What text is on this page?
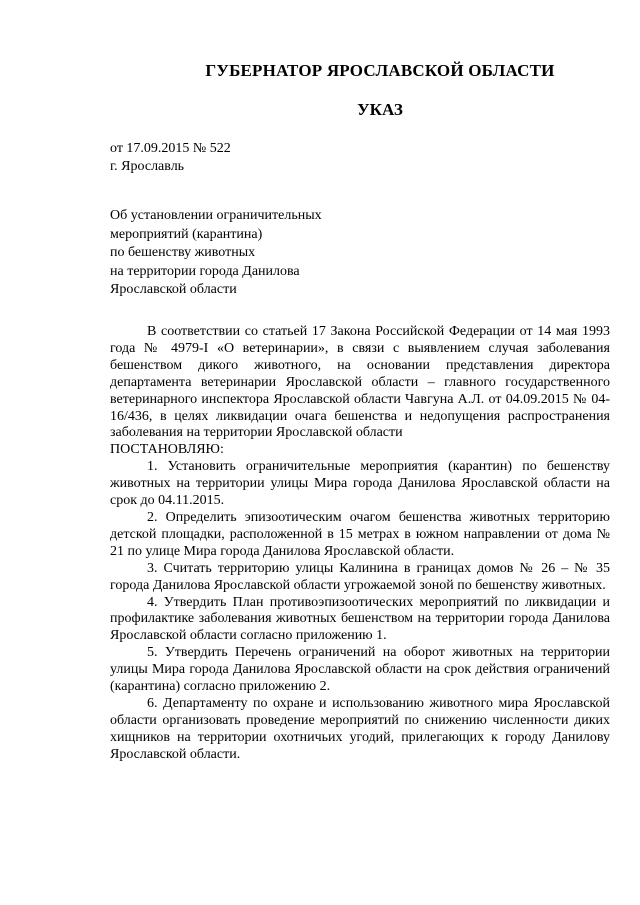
ГУБЕРНАТОР ЯРОСЛАВСКОЙ ОБЛАСТИ
УКАЗ
от 17.09.2015 № 522
г. Ярославль
Об установлении ограничительных
мероприятий (карантина)
по бешенству животных
на территории города Данилова
Ярославской области

В соответствии со статьей 17 Закона Российской Федерации от 14 мая 1993 года № 4979-I «О ветеринарии», в связи с выявлением случая заболевания бешенством дикого животного, на основании представления директора департамента ветеринарии Ярославской области – главного государственного ветеринарного инспектора Ярославской области Чавгуна А.Л. от 04.09.2015 № 04-16/436, в целях ликвидации очага бешенства и недопущения распространения заболевания на территории Ярославской области

ПОСТАНОВЛЯЮ:

1. Установить ограничительные мероприятия (карантин) по бешенству животных на территории улицы Мира города Данилова Ярославской области на срок до 04.11.2015.

2. Определить эпизоотическим очагом бешенства животных территорию детской площадки, расположенной в 15 метрах в южном направлении от дома № 21 по улице Мира города Данилова Ярославской области.

3. Считать территорию улицы Калинина в границах домов № 26 – № 35 города Данилова Ярославской области угрожаемой зоной по бешенству животных.

4. Утвердить План противоэпизоотических мероприятий по ликвидации и профилактике заболевания животных бешенством на территории города Данилова Ярославской области согласно приложению 1.

5. Утвердить Перечень ограничений на оборот животных на территории улицы Мира города Данилова Ярославской области на срок действия ограничений (карантина) согласно приложению 2.

6. Департаменту по охране и использованию животного мира Ярославской области организовать проведение мероприятий по снижению численности диких хищников на территории охотничьих угодий, прилегающих к городу Данилову Ярославской области.
